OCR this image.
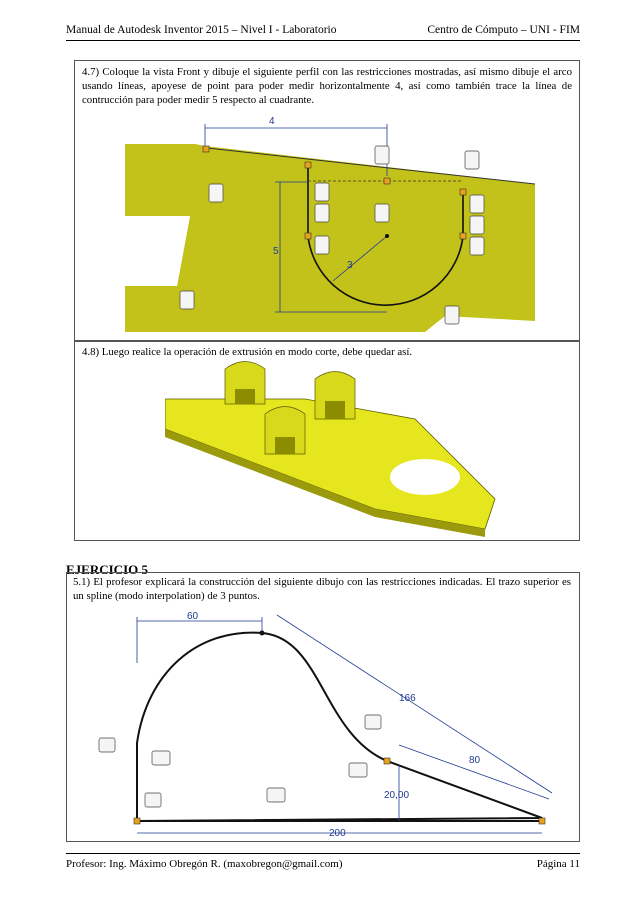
Manual de Autodesk Inventor 2015 – Nivel I - Laboratorio	Centro de Cómputo – UNI - FIM
4.7) Coloque la vista Front y dibuje el siguiente perfil con las restricciones mostradas, así mismo dibuje el arco usando líneas, apoyese de point para poder medir horizontalmente 4, así como también trace la línea de contrucción para poder medir 5 respecto al cuadrante.
4
5
3
4.8) Luego realice la operación de extrusión en modo corte, debe quedar así.
EJERCICIO 5
5.1) El profesor explicará la construcción del siguiente dibujo con las restricciones indicadas. El trazo superior es un spline (modo interpolation) de 3 puntos.
60
166
80
20,00
200
Profesor: Ing. Máximo Obregón R. (maxobregon@gmail.com)	Página 11
